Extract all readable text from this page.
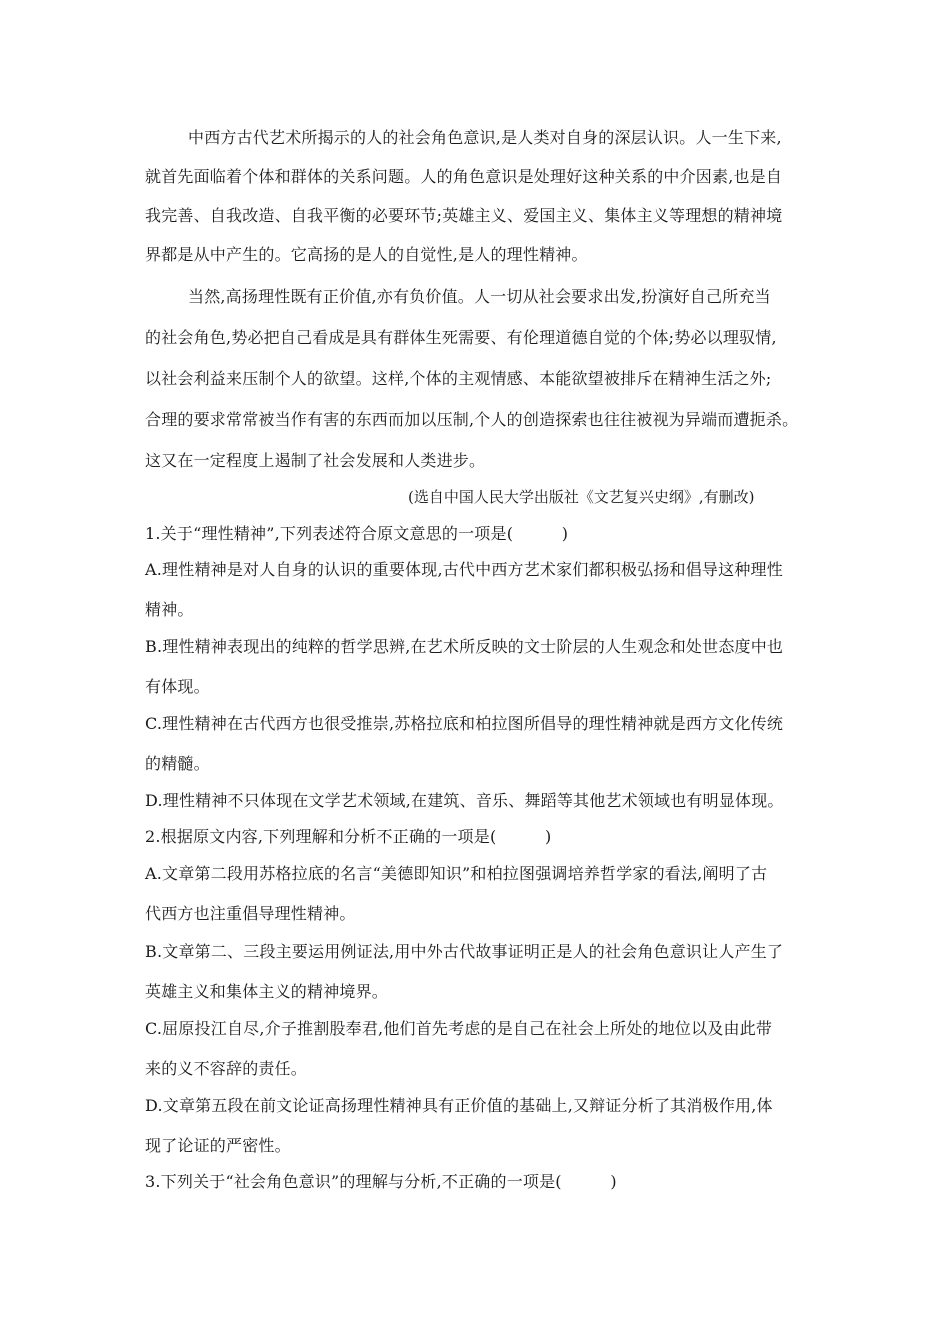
中西方古代艺术所揭示的人的社会角色意识,是人类对自身的深层认识。人一生下来,
就首先面临着个体和群体的关系问题。人的角色意识是处理好这种关系的中介因素,也是自
我完善、自我改造、自我平衡的必要环节;英雄主义、爱国主义、集体主义等理想的精神境
界都是从中产生的。它高扬的是人的自觉性,是人的理性精神。
当然,高扬理性既有正价值,亦有负价值。人一切从社会要求出发,扮演好自己所充当
的社会角色,势必把自己看成是具有群体生死需要、有伦理道德自觉的个体;势必以理驭情,
以社会利益来压制个人的欲望。这样,个体的主观情感、本能欲望被排斥在精神生活之外;
合理的要求常常被当作有害的东西而加以压制,个人的创造探索也往往被视为异端而遭扼杀。
这又在一定程度上遏制了社会发展和人类进步。
(选自中国人民大学出版社《文艺复兴史纲》,有删改)
1.关于“理性精神”,下列表述符合原文意思的一项是(　　　)
A.理性精神是对人自身的认识的重要体现,古代中西方艺术家们都积极弘扬和倡导这种理性
精神。
B.理性精神表现出的纯粹的哲学思辨,在艺术所反映的文士阶层的人生观念和处世态度中也
有体现。
C.理性精神在古代西方也很受推崇,苏格拉底和柏拉图所倡导的理性精神就是西方文化传统
的精髓。
D.理性精神不只体现在文学艺术领域,在建筑、音乐、舞蹈等其他艺术领域也有明显体现。
2.根据原文内容,下列理解和分析不正确的一项是(　　　)
A.文章第二段用苏格拉底的名言“美德即知识”和柏拉图强调培养哲学家的看法,阐明了古
代西方也注重倡导理性精神。
B.文章第二、三段主要运用例证法,用中外古代故事证明正是人的社会角色意识让人产生了
英雄主义和集体主义的精神境界。
C.屈原投江自尽,介子推割股奉君,他们首先考虑的是自己在社会上所处的地位以及由此带
来的义不容辞的责任。
D.文章第五段在前文论证高扬理性精神具有正价值的基础上,又辩证分析了其消极作用,体
现了论证的严密性。
3.下列关于“社会角色意识”的理解与分析,不正确的一项是(　　　)
